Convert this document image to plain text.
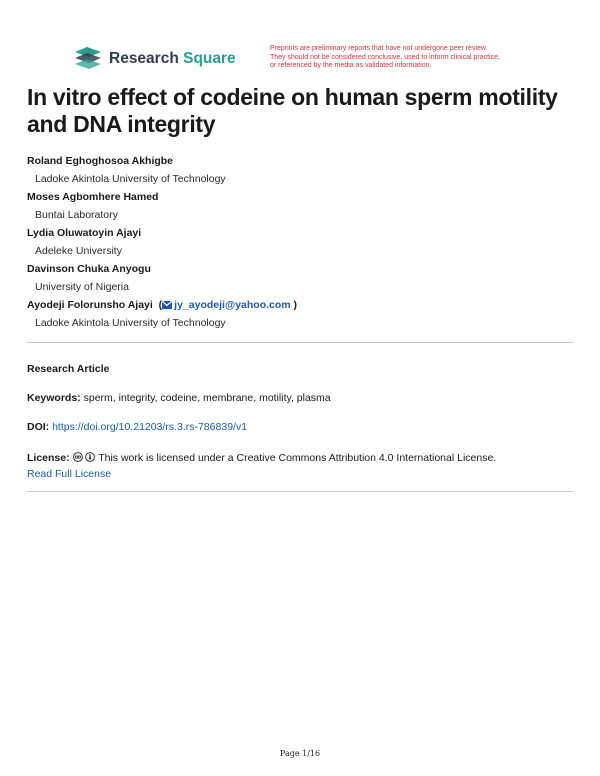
Research Square
Preprints are preliminary reports that have not undergone peer review.
They should not be considered conclusive, used to inform clinical practice,
or referenced by the media as validated information.
In vitro effect of codeine on human sperm motility and DNA integrity
Roland Eghoghosoa Akhigbe
Ladoke Akintola University of Technology
Moses Agbomhere Hamed
Buntai Laboratory
Lydia Oluwatoyin Ajayi
Adeleke University
Davinson Chuka Anyogu
University of Nigeria
Ayodeji Folorunsho Ajayi  ( jy_ayodeji@yahoo.com )
Ladoke Akintola University of Technology
Research Article
Keywords: sperm, integrity, codeine, membrane, motility, plasma
DOI: https://doi.org/10.21203/rs.3.rs-786839/v1
License:	This work is licensed under a Creative Commons Attribution 4.0 International License.
Read Full License
Page 1/16
